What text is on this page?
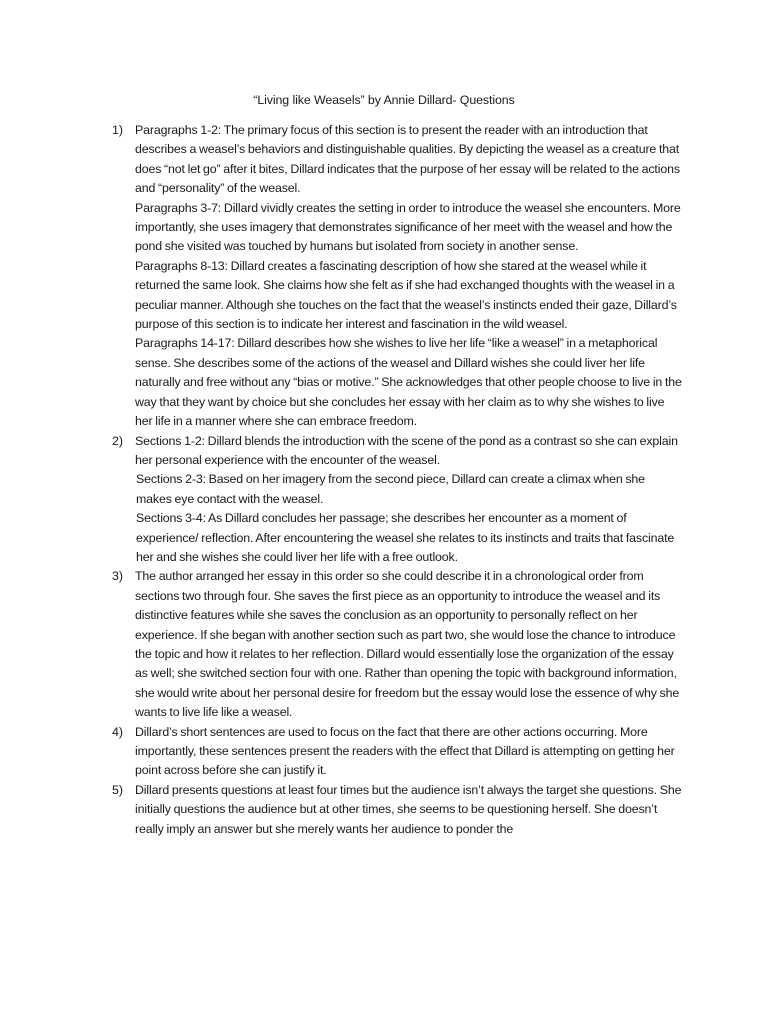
“Living like Weasels” by Annie Dillard- Questions
1) Paragraphs 1-2: The primary focus of this section is to present the reader with an introduction that describes a weasel’s behaviors and distinguishable qualities. By depicting the weasel as a creature that does “not let go” after it bites, Dillard indicates that the purpose of her essay will be related to the actions and “personality” of the weasel.

Paragraphs 3-7: Dillard vividly creates the setting in order to introduce the weasel she encounters. More importantly, she uses imagery that demonstrates significance of her meet with the weasel and how the pond she visited was touched by humans but isolated from society in another sense.

Paragraphs 8-13: Dillard creates a fascinating description of how she stared at the weasel while it returned the same look. She claims how she felt as if she had exchanged thoughts with the weasel in a peculiar manner. Although she touches on the fact that the weasel’s instincts ended their gaze, Dillard’s purpose of this section is to indicate her interest and fascination in the wild weasel.

Paragraphs 14-17: Dillard describes how she wishes to live her life “like a weasel” in a metaphorical sense. She describes some of the actions of the weasel and Dillard wishes she could liver her life naturally and free without any “bias or motive.” She acknowledges that other people choose to live in the way that they want by choice but she concludes her essay with her claim as to why she wishes to live her life in a manner where she can embrace freedom.

2) Sections 1-2: Dillard blends the introduction with the scene of the pond as a contrast so she can explain her personal experience with the encounter of the weasel.

Sections 2-3: Based on her imagery from the second piece, Dillard can create a climax when she makes eye contact with the weasel.

Sections 3-4: As Dillard concludes her passage; she describes her encounter as a moment of experience/ reflection. After encountering the weasel she relates to its instincts and traits that fascinate her and she wishes she could liver her life with a free outlook.

3) The author arranged her essay in this order so she could describe it in a chronological order from sections two through four. She saves the first piece as an opportunity to introduce the weasel and its distinctive features while she saves the conclusion as an opportunity to personally reflect on her experience. If she began with another section such as part two, she would lose the chance to introduce the topic and how it relates to her reflection. Dillard would essentially lose the organization of the essay as well; she switched section four with one. Rather than opening the topic with background information, she would write about her personal desire for freedom but the essay would lose the essence of why she wants to live life like a weasel.

4) Dillard’s short sentences are used to focus on the fact that there are other actions occurring. More importantly, these sentences present the readers with the effect that Dillard is attempting on getting her point across before she can justify it.

5) Dillard presents questions at least four times but the audience isn’t always the target she questions. She initially questions the audience but at other times, she seems to be questioning herself. She doesn’t really imply an answer but she merely wants her audience to ponder the
